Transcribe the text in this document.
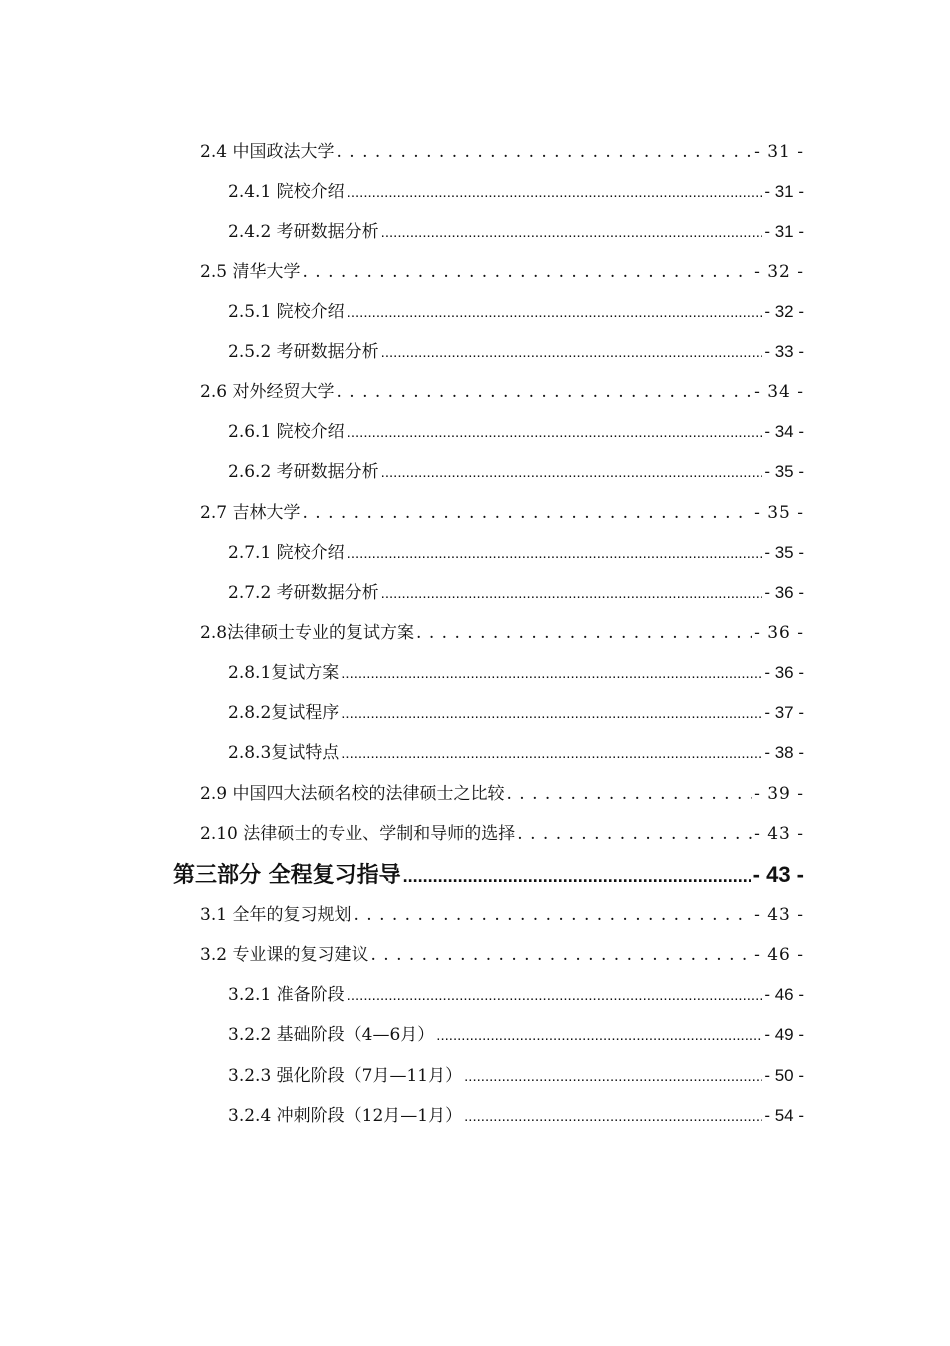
2.4 中国政法大学 . . .	- 31 -
2.4.1 院校介绍 .....	- 31 -
2.4.2 考研数据分析 .....	- 31 -
2.5 清华大学 . . .	- 32 -
2.5.1 院校介绍 .....	- 32 -
2.5.2 考研数据分析 .....	- 33 -
2.6 对外经贸大学 . . .	- 34 -
2.6.1 院校介绍 .....	- 34 -
2.6.2 考研数据分析 .....	- 35 -
2.7 吉林大学 . . .	- 35 -
2.7.1 院校介绍 .....	- 35 -
2.7.2 考研数据分析 .....	- 36 -
2.8法律硕士专业的复试方案 . . .	- 36 -
2.8.1复试方案 .....	- 36 -
2.8.2复试程序 .....	- 37 -
2.8.3复试特点 .....	- 38 -
2.9 中国四大法硕名校的法律硕士之比较 . . .	- 39 -
2.10 法律硕士的专业、学制和导师的选择 . . .	- 43 -
第三部分 全程复习指导 .....	- 43 -
3.1 全年的复习规划 . . .	- 43 -
3.2 专业课的复习建议 . . .	- 46 -
3.2.1 准备阶段 .....	- 46 -
3.2.2 基础阶段（4—6月） .....	- 49 -
3.2.3 强化阶段（7月—11月） .....	- 50 -
3.2.4 冲刺阶段（12月—1月） .....	- 54 -
